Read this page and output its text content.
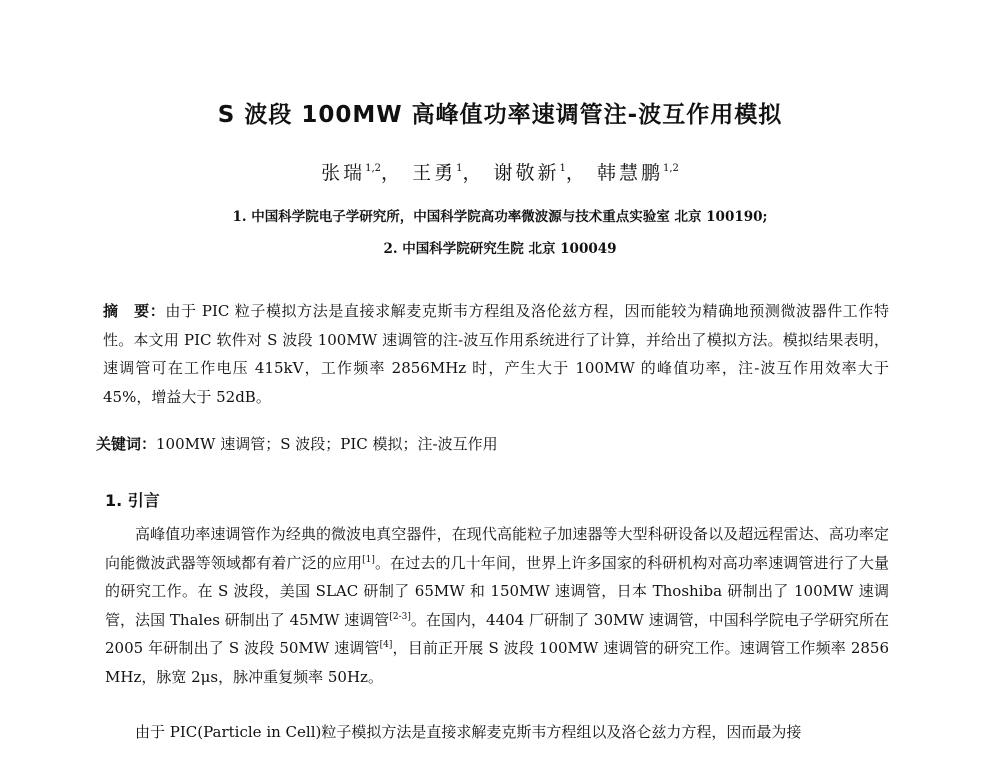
S 波段 100MW 高峰值功率速调管注-波互作用模拟
张瑞$^{1,2}$， 王勇$^1$， 谢敬新$^1$， 韩慧鹏$^{1,2}$
1. 中国科学院电子学研究所，中国科学院高功率微波源与技术重点实验室 北京 100190;
2. 中国科学院研究生院 北京 100049
摘　要：由于 PIC 粒子模拟方法是直接求解麦克斯韦方程组及洛伦兹方程，因而能较为精确地预测微波器件工作特性。本文用 PIC 软件对 S 波段 100MW 速调管的注-波互作用系统进行了计算，并给出了模拟方法。模拟结果表明，速调管可在工作电压 415kV，工作频率 2856MHz 时，产生大于 100MW 的峰值功率，注-波互作用效率大于 45%，增益大于 52dB。
关键词：100MW 速调管；S 波段；PIC 模拟；注-波互作用
1. 引言
高峰值功率速调管作为经典的微波电真空器件，在现代高能粒子加速器等大型科研设备以及超远程雷达、高功率定向能微波武器等领域都有着广泛的应用[1]。在过去的几十年间，世界上许多国家的科研机构对高功率速调管进行了大量的研究工作。在 S 波段，美国 SLAC 研制了 65MW 和 150MW 速调管，日本 Thoshiba 研制出了 100MW 速调管，法国 Thales 研制出了 45MW 速调管[2-3]。在国内，4404 厂研制了 30MW 速调管，中国科学院电子学研究所在 2005 年研制出了 S 波段 50MW 速调管[4]，目前正开展 S 波段 100MW 速调管的研究工作。速调管工作频率 2856 MHz，脉宽 2μs，脉冲重复频率 50Hz。
由于 PIC(Particle in Cell)粒子模拟方法是直接求解麦克斯韦方程组以及洛仑兹力方程，因而最为接
